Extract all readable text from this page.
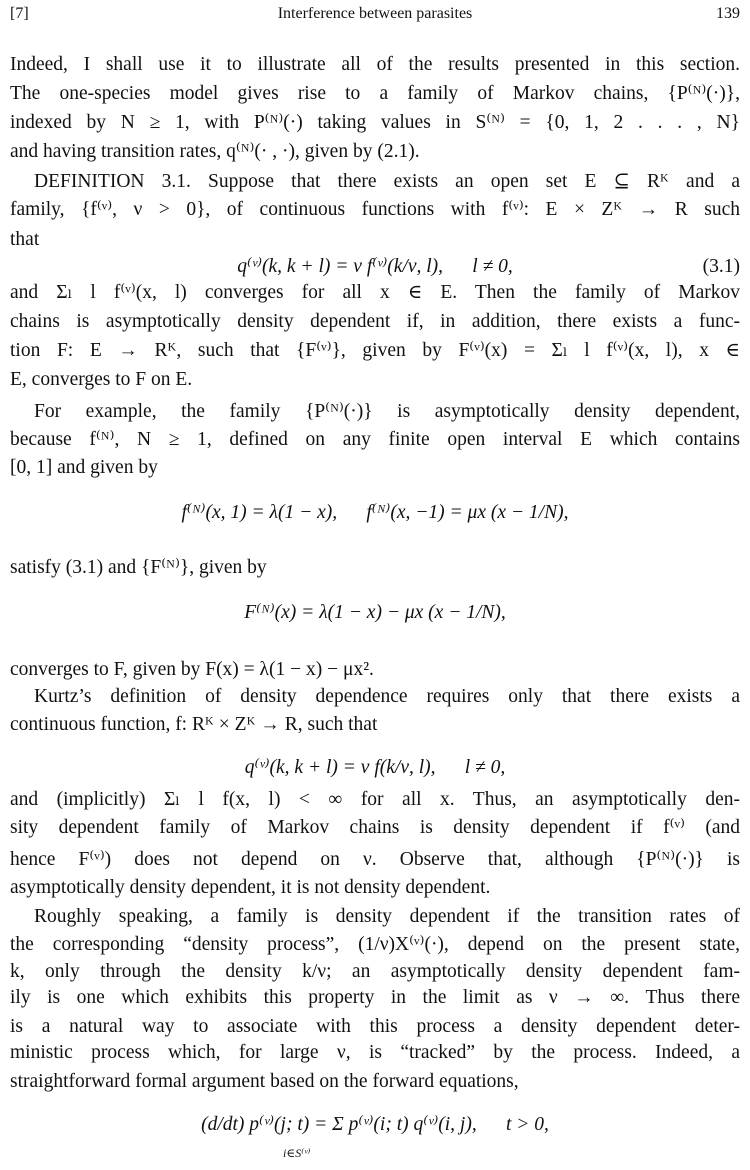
[7]	Interference between parasites	139
Indeed, I shall use it to illustrate all of the results presented in this section.
The one-species model gives rise to a family of Markov chains, {P⁽ᴺ⁾(·)},
indexed by N ≥ 1, with P⁽ᴺ⁾(·) taking values in S⁽ᴺ⁾ = {0, 1, 2 . . . , N}
and having transition rates, q⁽ᴺ⁾(· , ·), given by (2.1).
DEFINITION 3.1. Suppose that there exists an open set E ⊆ Rᴷ and a
family, {f⁽ᵛ⁾, ν > 0}, of continuous functions with f⁽ᵛ⁾: E × Zᴷ → R such
that
q⁽ᵛ⁾(k, k + l) = ν f⁽ᵛ⁾(k/ν, l),      l ≠ 0,	(3.1)
and Σₗ l f⁽ᵛ⁾(x, l) converges for all x ∈ E. Then the family of Markov
chains is asymptotically density dependent if, in addition, there exists a func-
tion F: E → Rᴷ, such that {F⁽ᵛ⁾}, given by F⁽ᵛ⁾(x) = Σₗ l f⁽ᵛ⁾(x, l), x ∈
E, converges to F on E.
For example, the family {P⁽ᴺ⁾(·)} is asymptotically density dependent,
because f⁽ᴺ⁾, N ≥ 1, defined on any finite open interval E which contains
[0, 1] and given by
f⁽ᴺ⁾(x, 1) = λ(1 − x),      f⁽ᴺ⁾(x, −1) = μx (x − 1/N),
satisfy (3.1) and {F⁽ᴺ⁾}, given by
F⁽ᴺ⁾(x) = λ(1 − x) − μx (x − 1/N),
converges to F, given by F(x) = λ(1 − x) − μx².
Kurtz’s definition of density dependence requires only that there exists a
continuous function, f: Rᴷ × Zᴷ → R, such that
q⁽ᵛ⁾(k, k + l) = ν f(k/ν, l),      l ≠ 0,
and (implicitly) Σₗ l f(x, l) < ∞ for all x. Thus, an asymptotically den-
sity dependent family of Markov chains is density dependent if f⁽ᵛ⁾ (and
hence F⁽ᵛ⁾) does not depend on ν. Observe that, although {P⁽ᴺ⁾(·)} is
asymptotically density dependent, it is not density dependent.
Roughly speaking, a family is density dependent if the transition rates of
the corresponding “density process”, (1/ν)X⁽ᵛ⁾(·), depend on the present state,
k, only through the density k/ν; an asymptotically density dependent fam-
ily is one which exhibits this property in the limit as ν → ∞. Thus there
is a natural way to associate with this process a density dependent deter-
ministic process which, for large ν, is “tracked” by the process. Indeed, a
straightforward formal argument based on the forward equations,
(d/dt) p⁽ᵛ⁾(j; t) = Σ p⁽ᵛ⁾(i; t) q⁽ᵛ⁾(i, j),      t > 0,
i∈S⁽ᵛ⁾
